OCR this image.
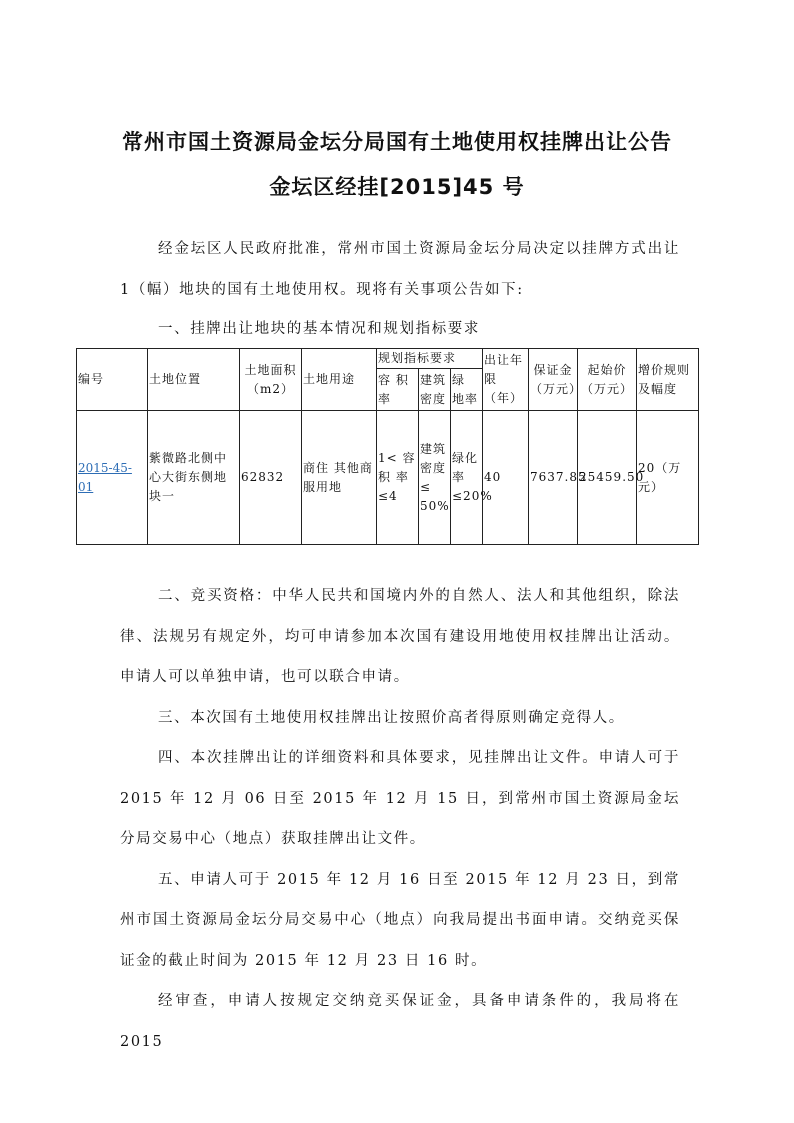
常州市国土资源局金坛分局国有土地使用权挂牌出让公告
金坛区经挂[2015]45 号

经金坛区人民政府批准，常州市国土资源局金坛分局决定以挂牌方式出让 1（幅）地块的国有土地使用权。现将有关事项公告如下:

一、挂牌出让地块的基本情况和规划指标要求
编号	土地位置	土地面积（m2）	土地用途	规划指标要求			出让年限（年）	保证金（万元）	起始价（万元）	增价规则及幅度
				容 积率	建筑密度	绿 地率				
2015-45-01	紫微路北侧中心大街东侧地块一	62832	商住 其他商服用地	1< 容 积 率 ≤4	建筑密度 ≤ 50%	绿化率≤20%	40	7637.85	25459.50	20（万元）

二、竞买资格：中华人民共和国境内外的自然人、法人和其他组织，除法律、法规另有规定外，均可申请参加本次国有建设用地使用权挂牌出让活动。申请人可以单独申请，也可以联合申请。

三、本次国有土地使用权挂牌出让按照价高者得原则确定竞得人。

四、本次挂牌出让的详细资料和具体要求，见挂牌出让文件。申请人可于 2015 年 12 月 06 日至 2015 年 12 月 15 日，到常州市国土资源局金坛分局交易中心（地点）获取挂牌出让文件。

五、申请人可于 2015 年 12 月 16 日至 2015 年 12 月 23 日，到常州市国土资源局金坛分局交易中心（地点）向我局提出书面申请。交纳竞买保证金的截止时间为 2015 年 12 月 23 日 16 时。

经审查，申请人按规定交纳竞买保证金，具备申请条件的，我局将在 2015
